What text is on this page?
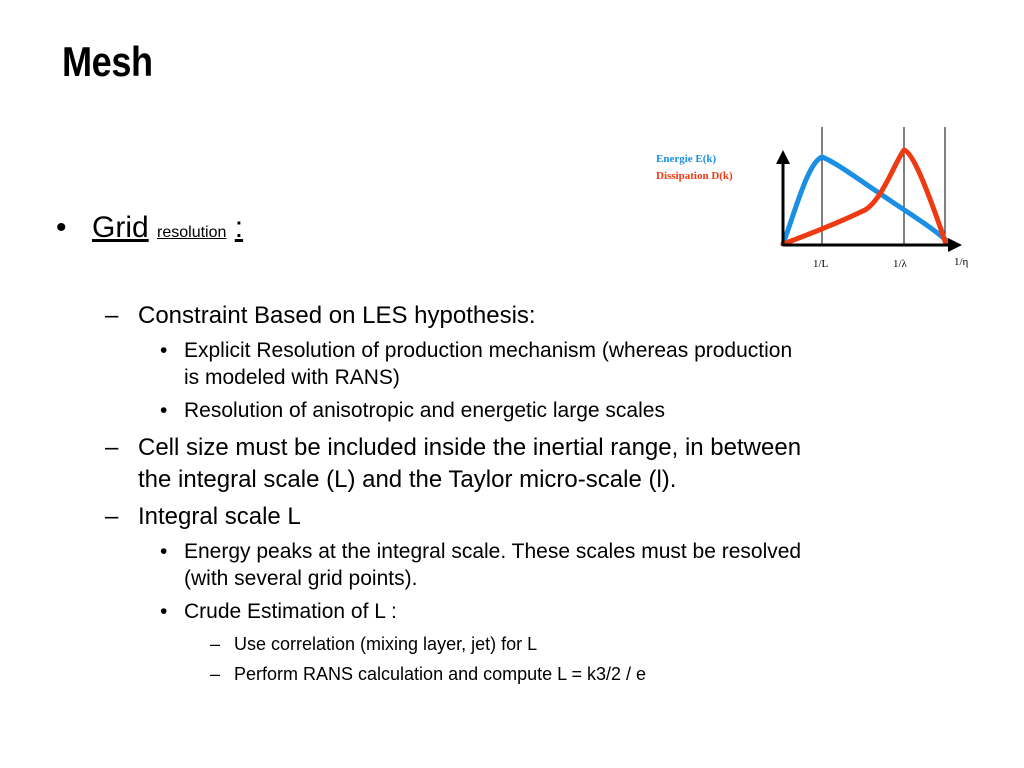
Mesh
• Grid resolution :
– Constraint Based on LES hypothesis:
• Explicit Resolution of production mechanism (whereas production
is modeled with RANS)
• Resolution of anisotropic and energetic large scales
– Cell size must be included inside the inertial range, in between
the integral scale (L) and the Taylor micro-scale (l).
– Integral scale L
• Energy peaks at the integral scale. These scales must be resolved
(with several grid points).
• Crude Estimation of L :
– Use correlation (mixing layer, jet) for L
– Perform RANS calculation and compute L = k3/2 / e
Energie E(k)
Dissipation D(k)
1/L	1/λ	1/η
